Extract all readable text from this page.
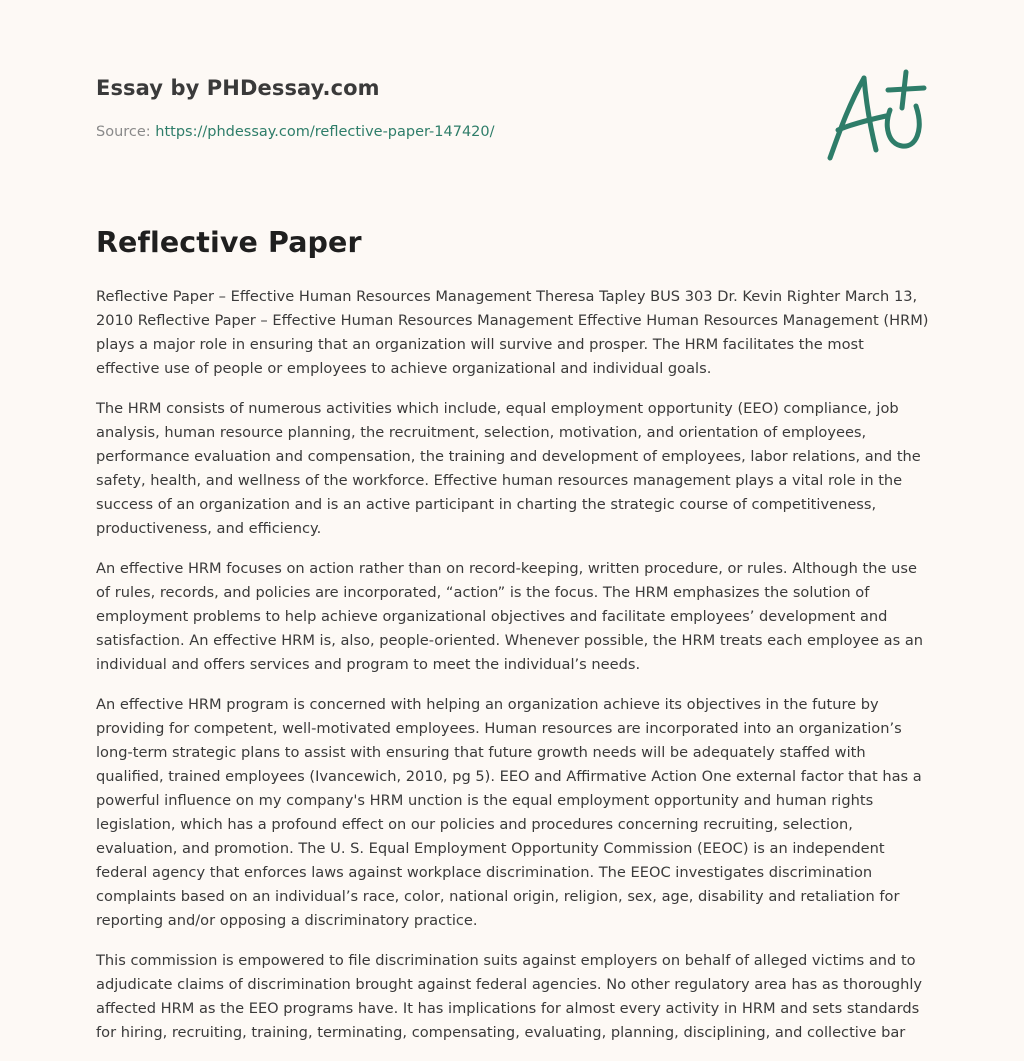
Essay by PHDessay.com

Source: https://phdessay.com/reflective-paper-147420/

Reflective Paper

Reflective Paper – Effective Human Resources Management Theresa Tapley BUS 303 Dr. Kevin Righter March 13, 2010 Reflective Paper – Effective Human Resources Management Effective Human Resources Management (HRM) plays a major role in ensuring that an organization will survive and prosper. The HRM facilitates the most effective use of people or employees to achieve organizational and individual goals.

The HRM consists of numerous activities which include, equal employment opportunity (EEO) compliance, job analysis, human resource planning, the recruitment, selection, motivation, and orientation of employees, performance evaluation and compensation, the training and development of employees, labor relations, and the safety, health, and wellness of the workforce. Effective human resources management plays a vital role in the success of an organization and is an active participant in charting the strategic course of competitiveness, productiveness, and efficiency.

An effective HRM focuses on action rather than on record-keeping, written procedure, or rules. Although the use of rules, records, and policies are incorporated, “action” is the focus. The HRM emphasizes the solution of employment problems to help achieve organizational objectives and facilitate employees’ development and satisfaction. An effective HRM is, also, people-oriented. Whenever possible, the HRM treats each employee as an individual and offers services and program to meet the individual’s needs.

An effective HRM program is concerned with helping an organization achieve its objectives in the future by providing for competent, well-motivated employees. Human resources are incorporated into an organization’s long-term strategic plans to assist with ensuring that future growth needs will be adequately staffed with qualified, trained employees (Ivancewich, 2010, pg 5). EEO and Affirmative Action One external factor that has a powerful influence on my company's HRM unction is the equal employment opportunity and human rights legislation, which has a profound effect on our policies and procedures concerning recruiting, selection, evaluation, and promotion. The U. S. Equal Employment Opportunity Commission (EEOC) is an independent federal agency that enforces laws against workplace discrimination. The EEOC investigates discrimination complaints based on an individual’s race, color, national origin, religion, sex, age, disability and retaliation for reporting and/or opposing a discriminatory practice.

This commission is empowered to file discrimination suits against employers on behalf of alleged victims and to adjudicate claims of discrimination brought against federal agencies. No other regulatory area has as thoroughly affected HRM as the EEO programs have. It has implications for almost every activity in HRM and sets standards for hiring, recruiting, training, terminating, compensating, evaluating, planning, disciplining, and collective bar
